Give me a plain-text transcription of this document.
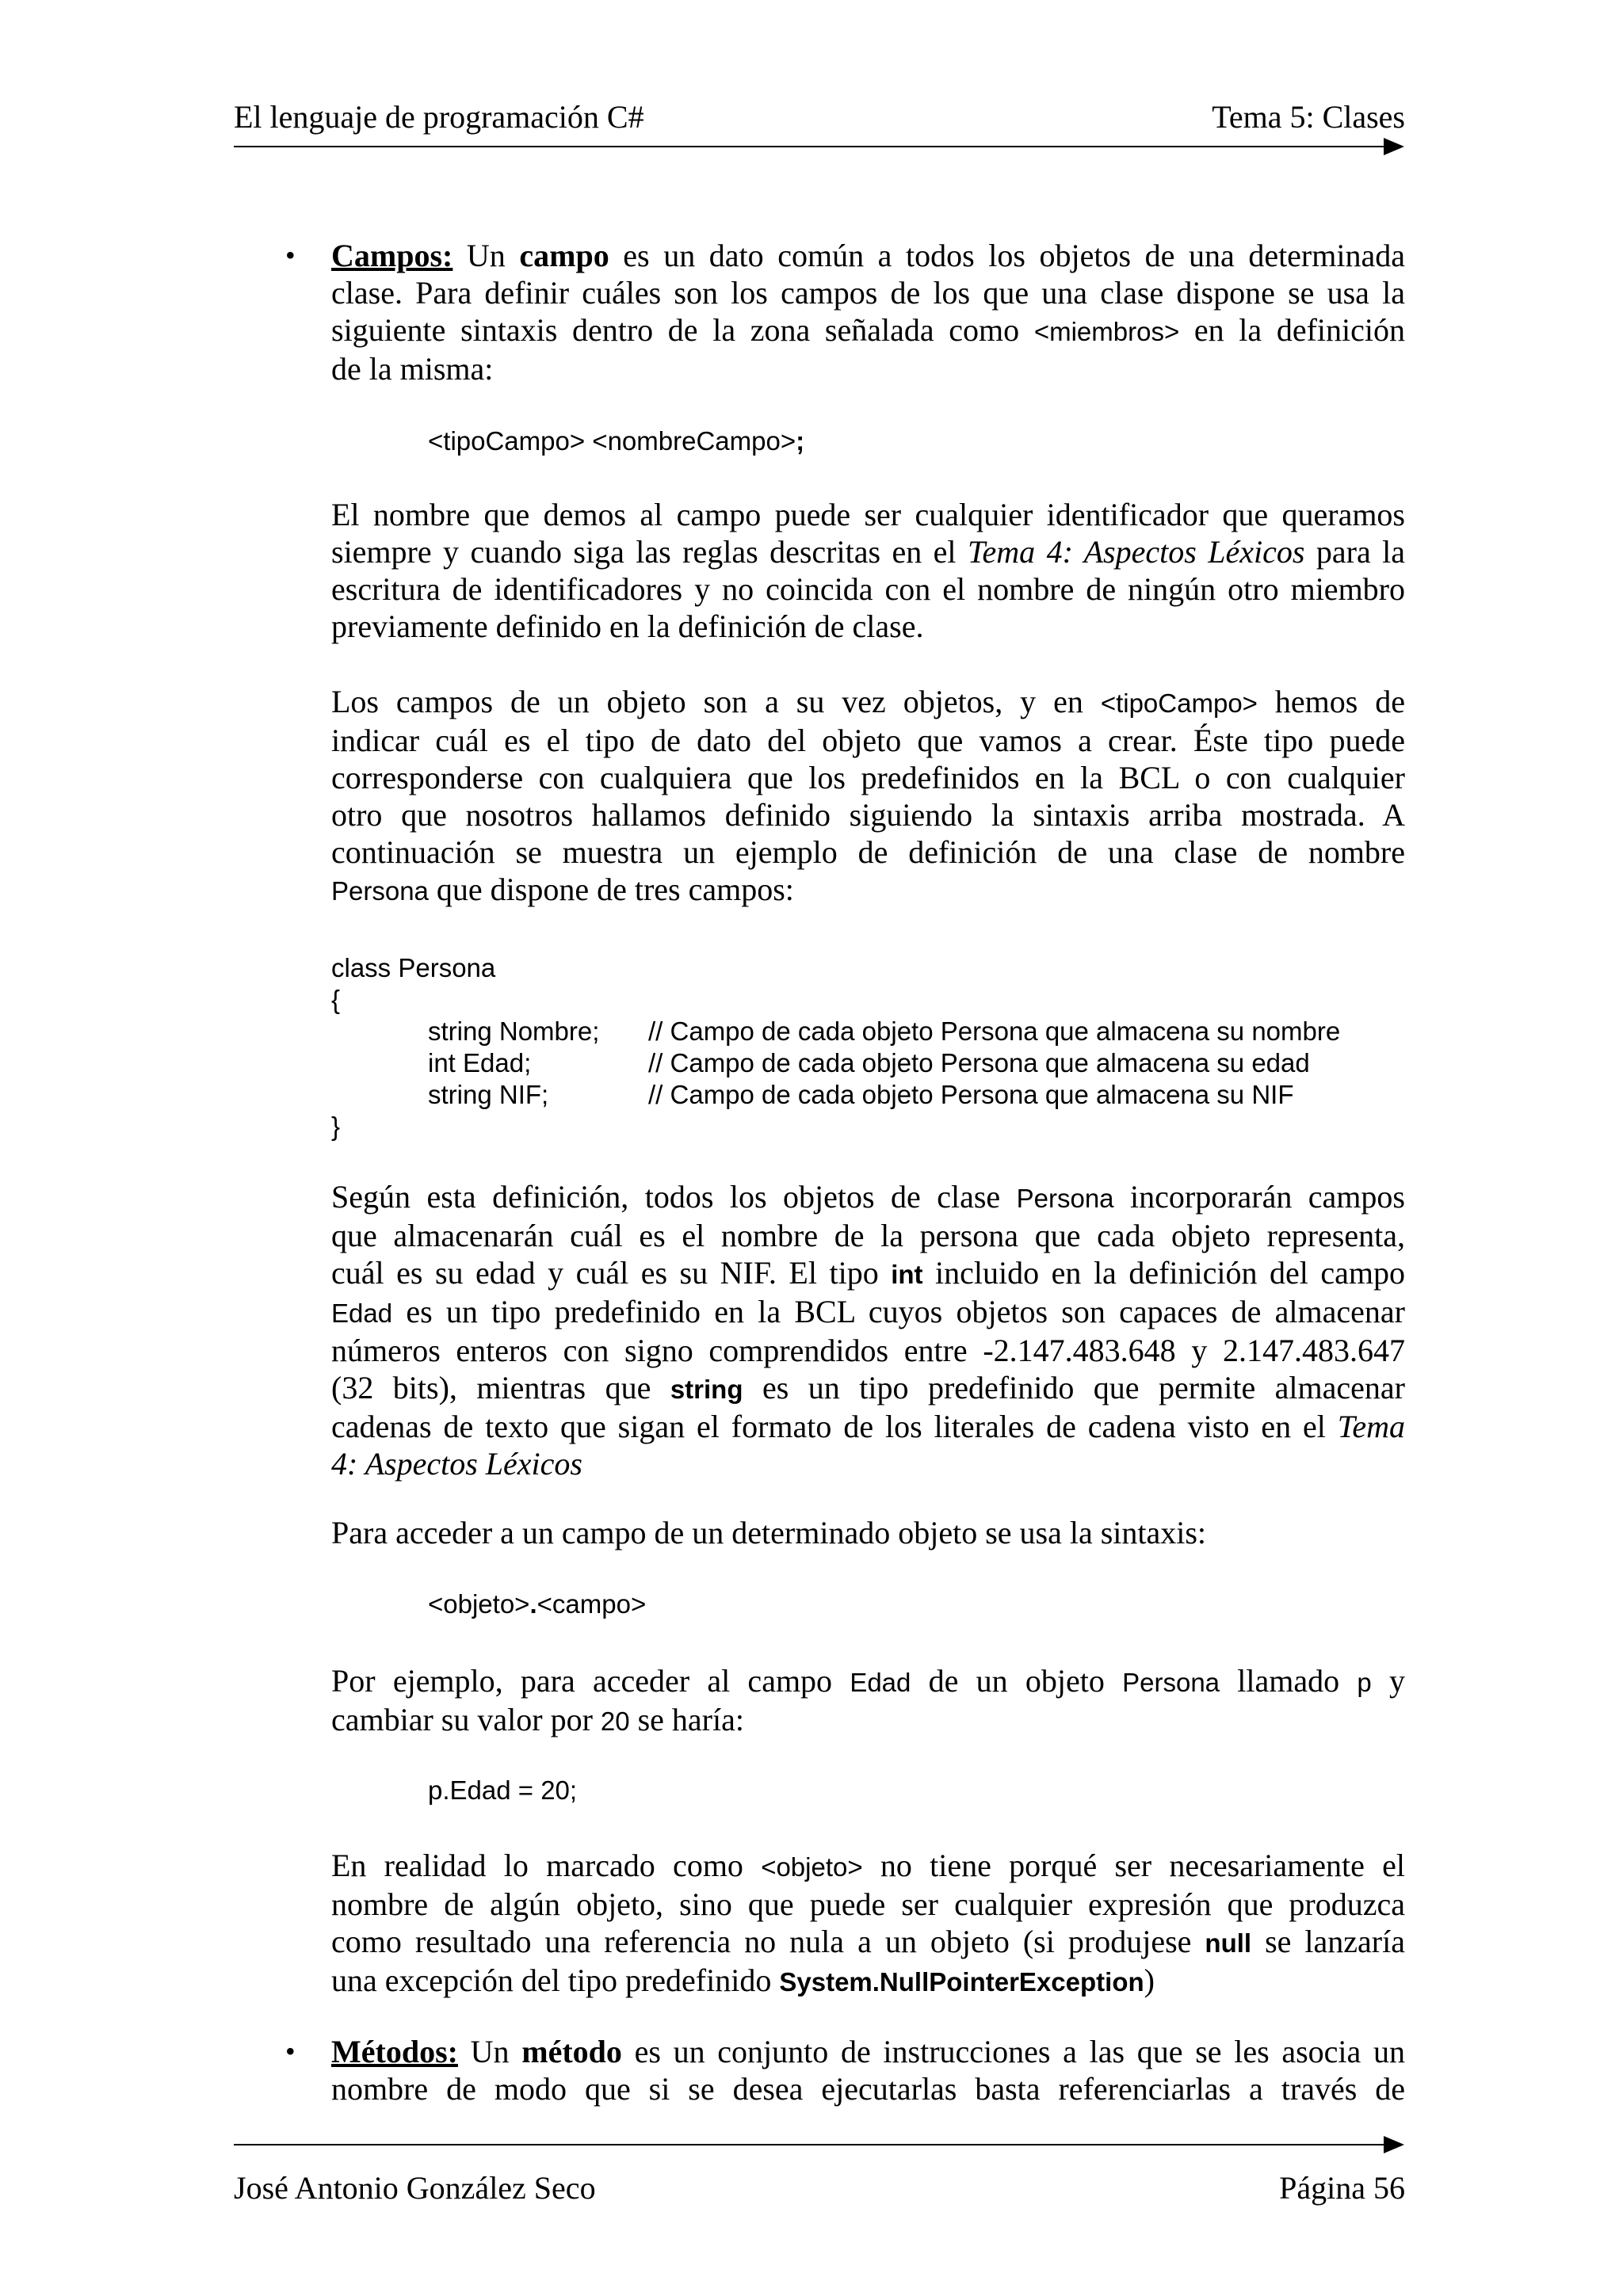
El lenguaje de programación C#	Tema 5: Clases
• Campos: Un campo es un dato común a todos los objetos de una determinada
clase. Para definir cuáles son los campos de los que una clase dispone se usa la
siguiente sintaxis dentro de la zona señalada como <miembros> en la definición
de la misma:
<tipoCampo> <nombreCampo>;
El nombre que demos al campo puede ser cualquier identificador que queramos
siempre y cuando siga las reglas descritas en el Tema 4: Aspectos Léxicos para la
escritura de identificadores y no coincida con el nombre de ningún otro miembro
previamente definido en la definición de clase.
Los campos de un objeto son a su vez objetos, y en <tipoCampo> hemos de
indicar cuál es el tipo de dato del objeto que vamos a crear. Éste tipo puede
corresponderse con cualquiera que los predefinidos en la BCL o con cualquier
otro que nosotros hallamos definido siguiendo la sintaxis arriba mostrada. A
continuación se muestra un ejemplo de definición de una clase de nombre
Persona que dispone de tres campos:
class Persona
{
string Nombre; // Campo de cada objeto Persona que almacena su nombre
int Edad;	// Campo de cada objeto Persona que almacena su edad
string NIF;	// Campo de cada objeto Persona que almacena su NIF
}
Según esta definición, todos los objetos de clase Persona incorporarán campos
que almacenarán cuál es el nombre de la persona que cada objeto representa,
cuál es su edad y cuál es su NIF. El tipo int incluido en la definición del campo
Edad es un tipo predefinido en la BCL cuyos objetos son capaces de almacenar
números enteros con signo comprendidos entre -2.147.483.648 y 2.147.483.647
(32 bits), mientras que string es un tipo predefinido que permite almacenar
cadenas de texto que sigan el formato de los literales de cadena visto en el Tema
4: Aspectos Léxicos
Para acceder a un campo de un determinado objeto se usa la sintaxis:
<objeto>.<campo>
Por ejemplo, para acceder al campo Edad de un objeto Persona llamado p y
cambiar su valor por 20 se haría:
p.Edad = 20;
En realidad lo marcado como <objeto> no tiene porqué ser necesariamente el
nombre de algún objeto, sino que puede ser cualquier expresión que produzca
como resultado una referencia no nula a un objeto (si produjese null se lanzaría
una excepción del tipo predefinido System.NullPointerException)
• Métodos: Un método es un conjunto de instrucciones a las que se les asocia un
nombre de modo que si se desea ejecutarlas basta referenciarlas a través de
José Antonio González Seco	Página 56
